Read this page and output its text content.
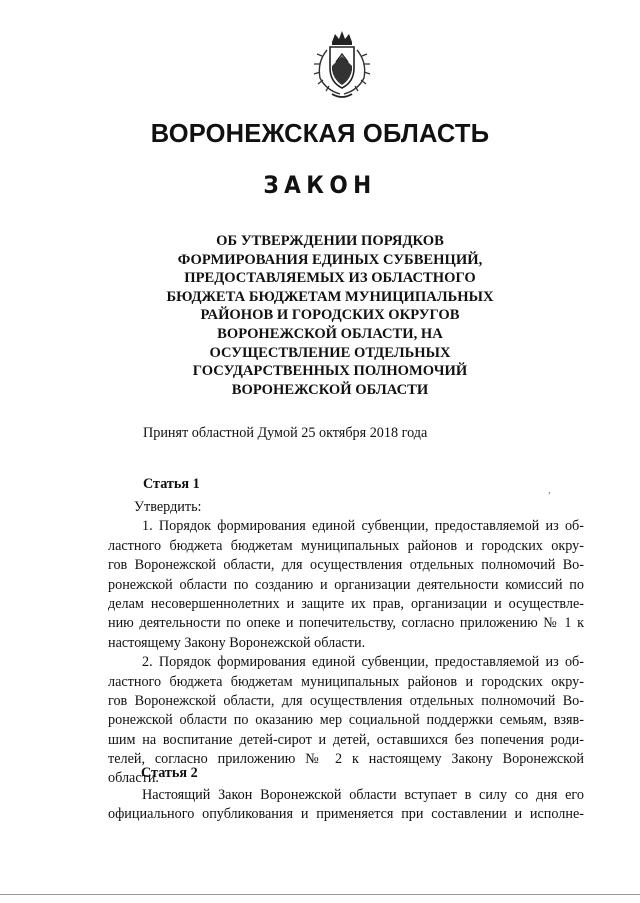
ВОРОНЕЖСКАЯ ОБЛАСТЬ
ЗАКОН
ОБ УТВЕРЖДЕНИИ ПОРЯДКОВ
ФОРМИРОВАНИЯ ЕДИНЫХ СУБВЕНЦИЙ,
ПРЕДОСТАВЛЯЕМЫХ ИЗ ОБЛАСТНОГО
БЮДЖЕТА БЮДЖЕТАМ МУНИЦИПАЛЬНЫХ
РАЙОНОВ И ГОРОДСКИХ ОКРУГОВ
ВОРОНЕЖСКОЙ ОБЛАСТИ, НА
ОСУЩЕСТВЛЕНИЕ ОТДЕЛЬНЫХ
ГОСУДАРСТВЕННЫХ ПОЛНОМОЧИЙ
ВОРОНЕЖСКОЙ ОБЛАСТИ
Принят областной Думой 25 октября 2018 года
Статья 1	,
Утвердить:
1. Порядок формирования единой субвенции, предоставляемой из об-
ластного бюджета бюджетам муниципальных районов и городских окру-
гов Воронежской области, для осуществления отдельных полномочий Во-
ронежской области по созданию и организации деятельности комиссий по
делам несовершеннолетних и защите их прав, организации и осуществле-
нию деятельности по опеке и попечительству, согласно приложению № 1 к
настоящему Закону Воронежской области.
2. Порядок формирования единой субвенции, предоставляемой из об-
ластного бюджета бюджетам муниципальных районов и городских окру-
гов Воронежской области, для осуществления отдельных полномочий Во-
ронежской области по оказанию мер социальной поддержки семьям, взяв-
шим на воспитание детей-сирот и детей, оставшихся без попечения роди-
телей, согласно приложению № 2 к настоящему Закону Воронежской
области.
Статья 2
Настоящий Закон Воронежской области вступает в силу со дня его
официального опубликования и применяется при составлении и исполне-
